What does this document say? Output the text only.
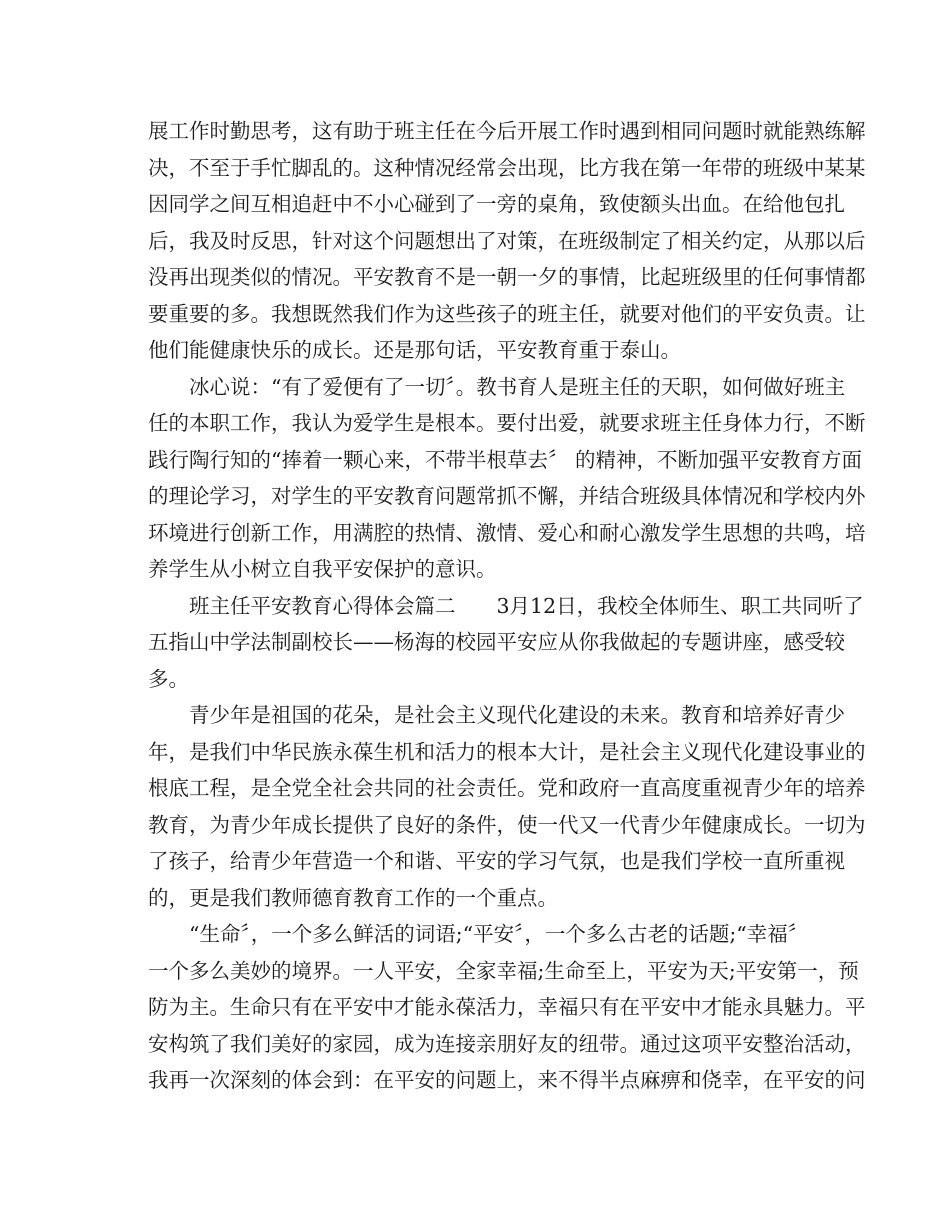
展工作时勤思考，这有助于班主任在今后开展工作时遇到相同问题时就能熟练解
决，不至于手忙脚乱的。这种情况经常会出现，比方我在第一年带的班级中某某
因同学之间互相追赶中不小心碰到了一旁的桌角，致使额头出血。在给他包扎
后，我及时反思，针对这个问题想出了对策，在班级制定了相关约定，从那以后
没再出现类似的情况。平安教育不是一朝一夕的事情，比起班级里的任何事情都
要重要的多。我想既然我们作为这些孩子的班主任，就要对他们的平安负责。让
他们能健康快乐的成长。还是那句话，平安教育重于泰山。
　　冰心说：“有了爱便有了一切〞。教书育人是班主任的天职，如何做好班主
任的本职工作，我认为爱学生是根本。要付出爱，就要求班主任身体力行，不断
践行陶行知的“捧着一颗心来，不带半根草去〞 的精神，不断加强平安教育方面
的理论学习，对学生的平安教育问题常抓不懈，并结合班级具体情况和学校内外
环境进行创新工作，用满腔的热情、激情、爱心和耐心激发学生思想的共鸣，培
养学生从小树立自我平安保护的意识。
　　班主任平安教育心得体会篇二　　3月12日，我校全体师生、职工共同听了
五指山中学法制副校长——杨海的校园平安应从你我做起的专题讲座，感受较
多。
　　青少年是祖国的花朵，是社会主义现代化建设的未来。教育和培养好青少
年，是我们中华民族永葆生机和活力的根本大计，是社会主义现代化建设事业的
根底工程，是全党全社会共同的社会责任。党和政府一直高度重视青少年的培养
教育，为青少年成长提供了良好的条件，使一代又一代青少年健康成长。一切为
了孩子，给青少年营造一个和谐、平安的学习气氛，也是我们学校一直所重视
的，更是我们教师德育教育工作的一个重点。
　　“生命〞，一个多么鲜活的词语;“平安〞，一个多么古老的话题;“幸福〞
一个多么美妙的境界。一人平安，全家幸福;生命至上，平安为天;平安第一，预
防为主。生命只有在平安中才能永葆活力，幸福只有在平安中才能永具魅力。平
安构筑了我们美好的家园，成为连接亲朋好友的纽带。通过这项平安整治活动，
我再一次深刻的体会到：在平安的问题上，来不得半点麻痹和侥幸，在平安的问
